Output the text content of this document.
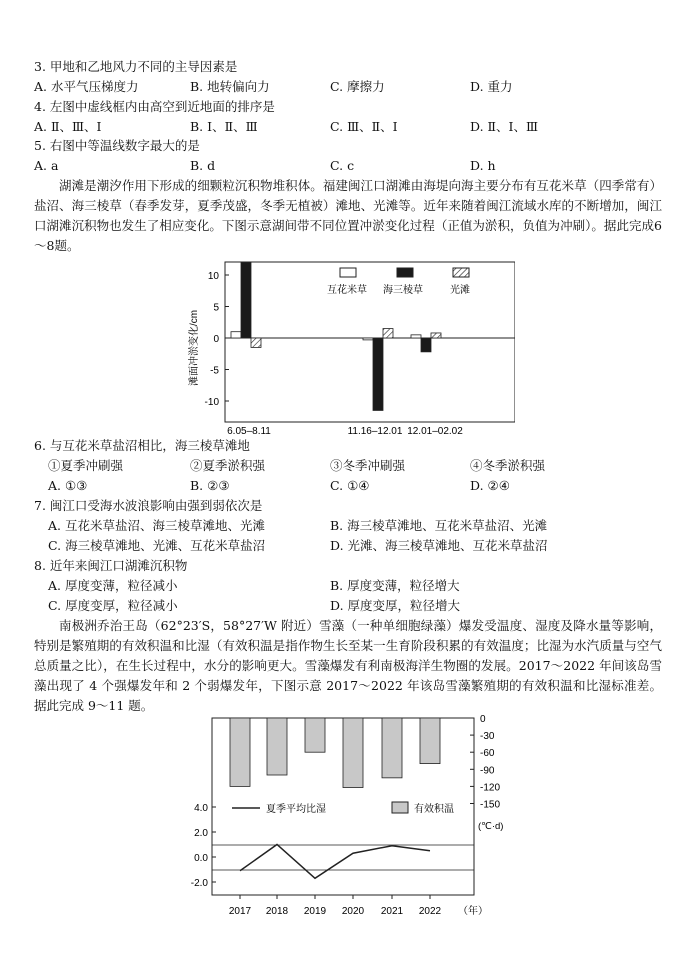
3. 甲地和乙地风力不同的主导因素是
A. 水平气压梯度力	B. 地转偏向力	C. 摩擦力	D. 重力
4. 左图中虚线框内由高空到近地面的排序是
A. Ⅱ、Ⅲ、Ⅰ	B. Ⅰ、Ⅱ、Ⅲ	C. Ⅲ、Ⅱ、Ⅰ	D. Ⅱ、Ⅰ、Ⅲ
5. 右图中等温线数字最大的是
A. a	B. d	C. c	D. h
湖滩是潮汐作用下形成的细颗粒沉积物堆积体。福建闽江口湖滩由海堤向海主要分布有互花米草（四季常有）盐沼、海三棱草（春季发芽，夏季茂盛，冬季无植被）滩地、光滩等。近年来随着闽江流域水库的不断增加，闽江口湖滩沉积物也发生了相应变化。下图示意湖间带不同位置冲淤变化过程（正值为淤积，负值为冲刷）。据此完成6～8题。
滩面冲淤变化/cm
10
5
0
-5
-10
6.05–8.11	11.16–12.01 12.01–02.02
互花米草 海三棱草	光滩
6. 与互花米草盐沼相比，海三棱草滩地
①夏季冲刷强	②夏季淤积强	③冬季冲刷强	④冬季淤积强
A. ①③	B. ②③	C. ①④	D. ②④
7. 闽江口受海水波浪影响由强到弱依次是
A. 互花米草盐沼、海三棱草滩地、光滩	B. 海三棱草滩地、互花米草盐沼、光滩
C. 海三棱草滩地、光滩、互花米草盐沼	D. 光滩、海三棱草滩地、互花米草盐沼
8. 近年来闽江口湖滩沉积物
A. 厚度变薄，粒径减小	B. 厚度变薄，粒径增大
C. 厚度变厚，粒径减小	D. 厚度变厚，粒径增大
南极洲乔治王岛（62°23′S，58°27′W 附近）雪藻（一种单细胞绿藻）爆发受温度、湿度及降水量等影响，特别是繁殖期的有效积温和比湿（有效积温是指作物生长至某一生育阶段积累的有效温度；比湿为水汽质量与空气总质量之比），在生长过程中，水分的影响更大。雪藻爆发有利南极海洋生物圈的发展。2017～2022 年间该岛雪藻出现了 4 个强爆发年和 2 个弱爆发年，下图示意 2017～2022 年该岛雪藻繁殖期的有效积温和比湿标准差。据此完成 9～11 题。
0
-30
-60
-90
-120
-150
4.0
2.0
0.0
-2.0
2017 2018 2019 2020 2021 2022
(℃·d)
（年）
夏季平均比湿	有效积温
